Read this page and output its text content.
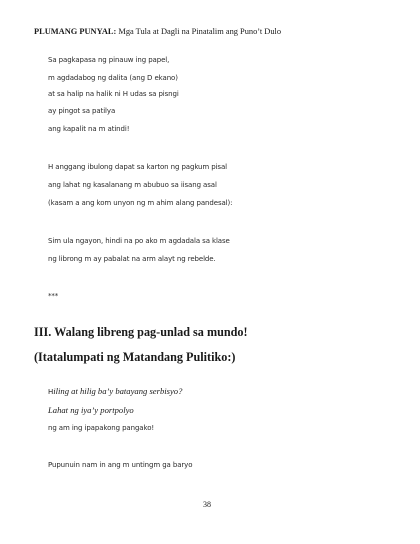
PLUMANG PUNYAL: Mga Tula at Dagli na Pinatalim ang Puno’t Dulo
Sa pagkapasa ng pinauw ing papel,
m agdadabog ng dalita (ang D ekano)
at sa halip na halik ni H udas sa pisngi
ay pingot sa patilya
ang kapalit na m atindi!
H anggang ibulong dapat sa karton ng pagkum pisal
ang lahat ng kasalanang m abubuo sa iisang asal
(kasam a ang kom unyon ng m ahim alang pandesal):
Sim ula ngayon, hindi na po ako m agdadala sa klase
ng librong m ay pabalat na arm alayt ng rebelde.
***
III. Walang libreng pag-unlad sa mundo!
(Itatalumpati ng Matandang Pulitiko:)
Hiling at hilig ba’y batayang serbisyo?
Lahat ng iya’y portpolyo
ng am ing ipapakong pangako!
Pupunuin nam in ang m untingm ga baryo
38
